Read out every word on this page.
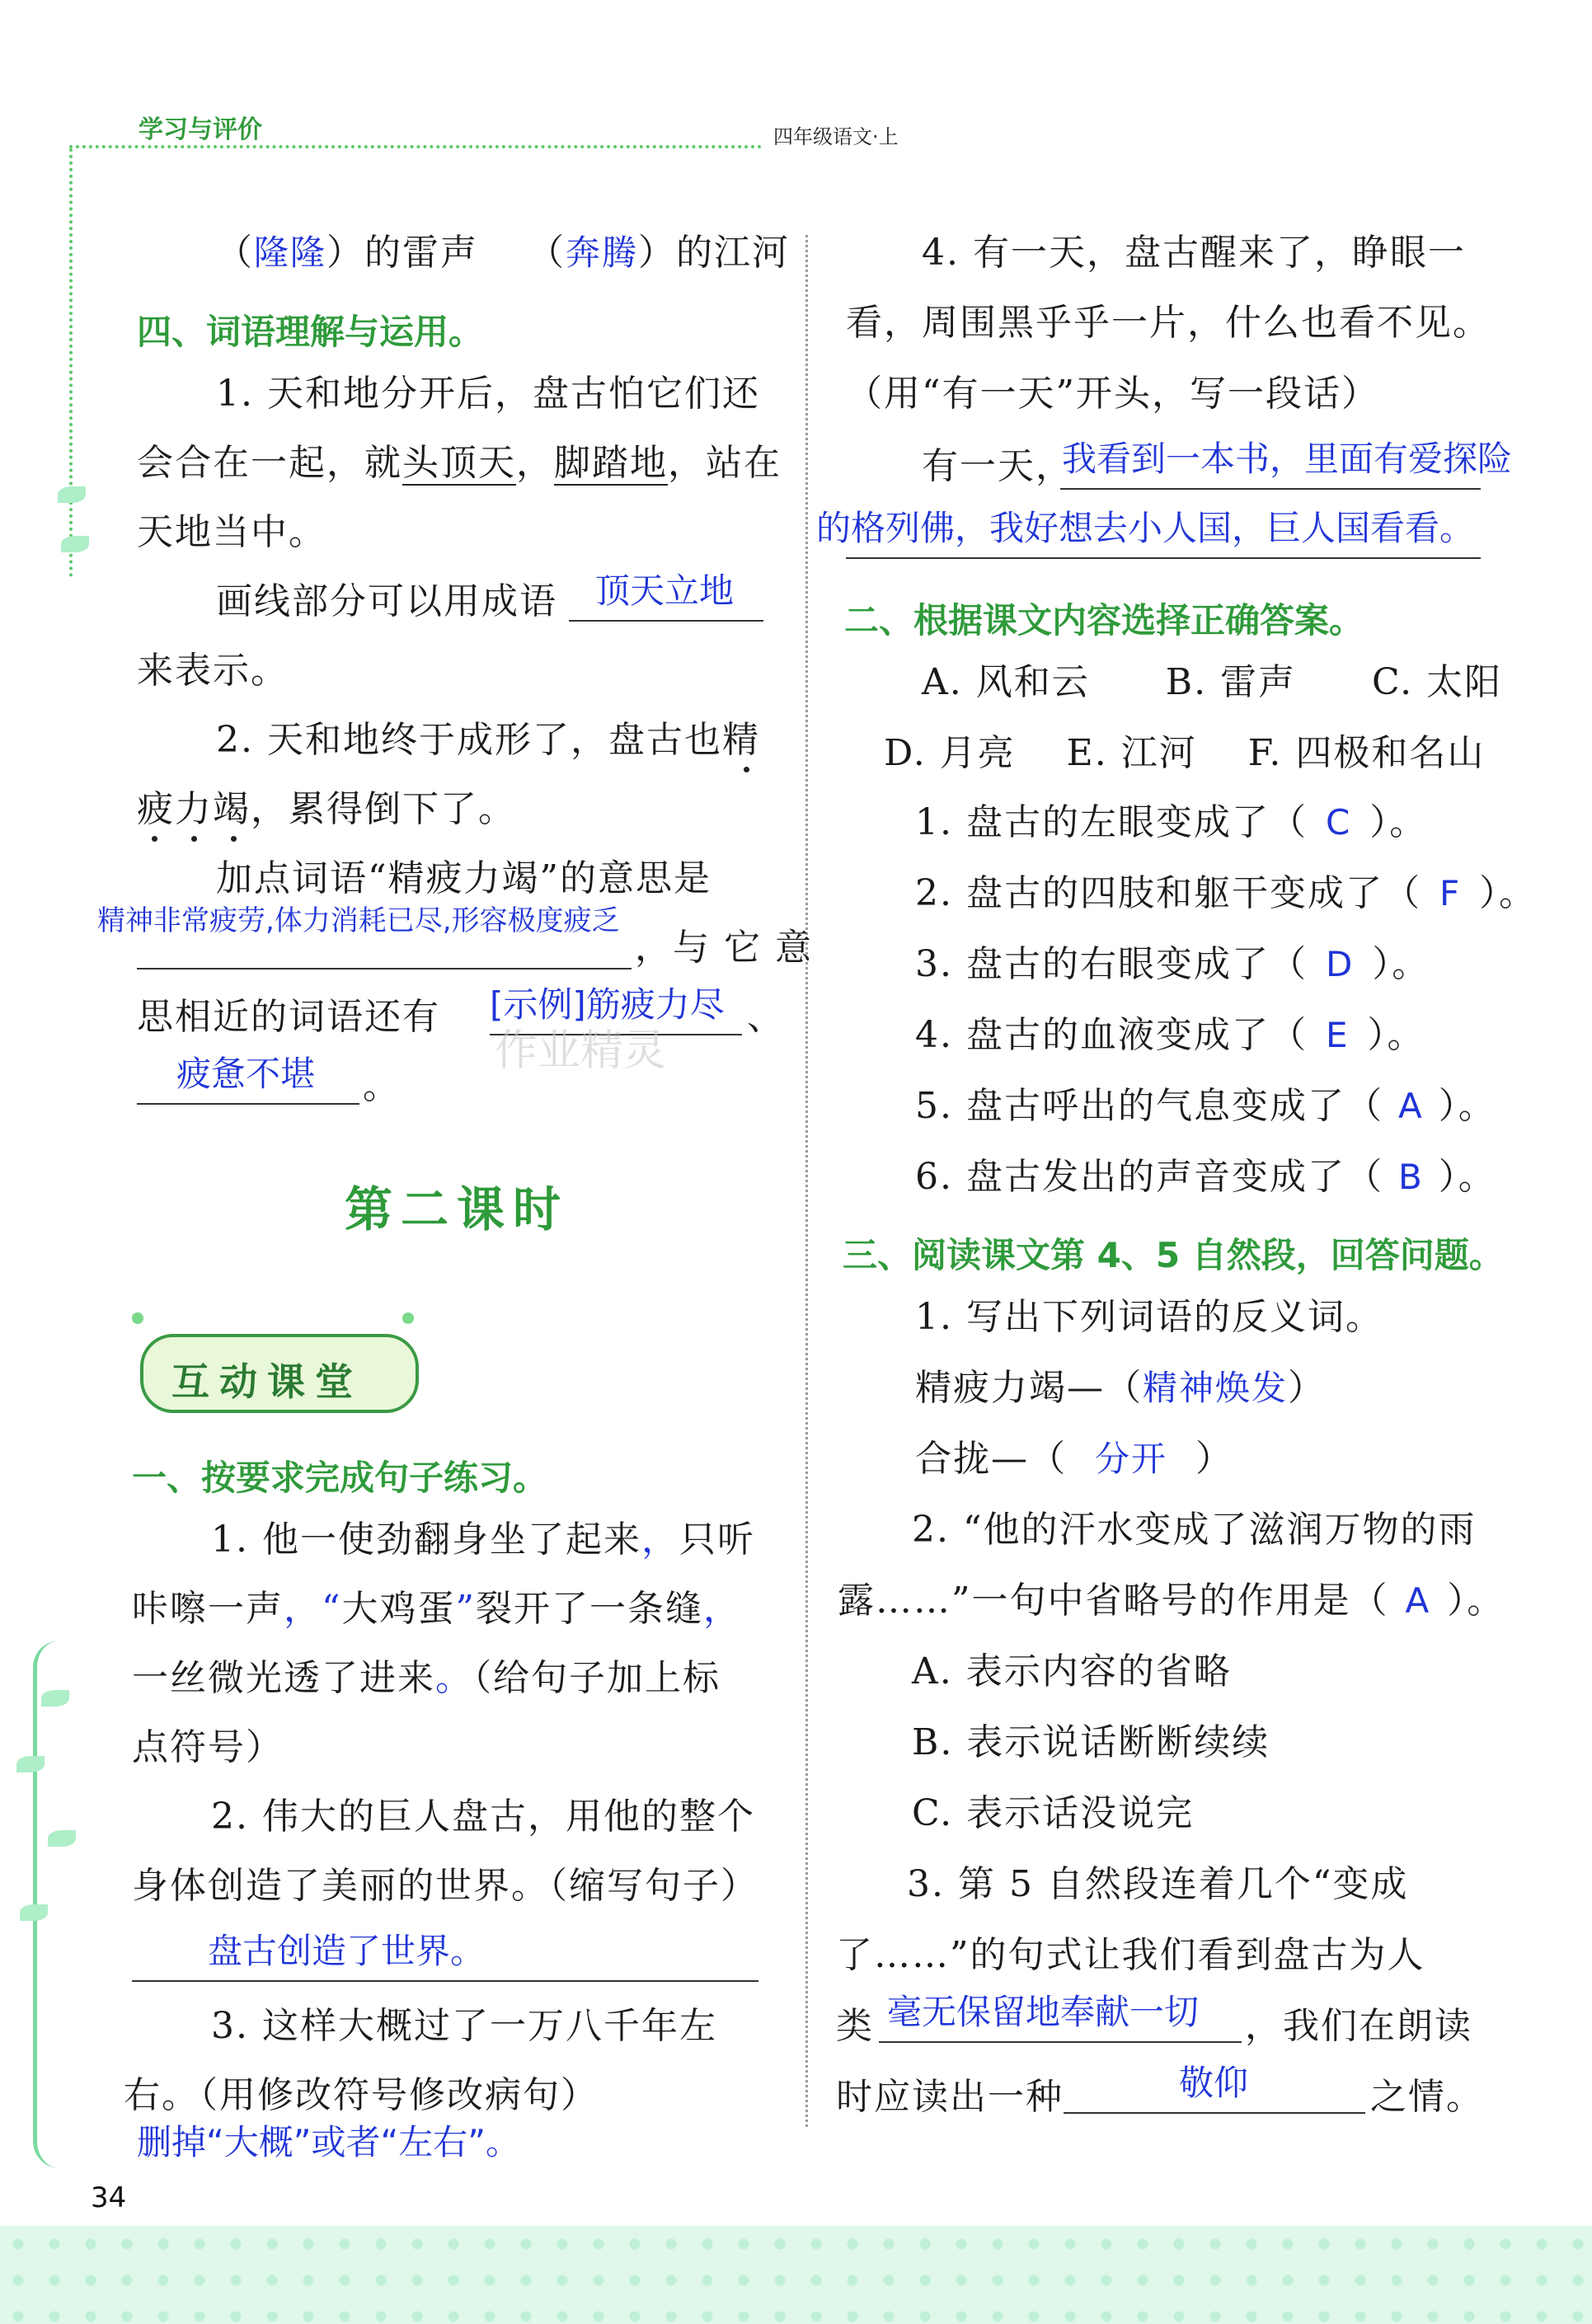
学习与评价	四年级语文·上
（隆隆）的雷声 （奔腾）的江河
四、词语理解与运用。
1. 天和地分开后，盘古怕它们还
会合在一起，就头顶天，脚踏地，站在
天地当中。
画线部分可以用成语 顶天立地
来表示。
2. 天和地终于成形了，盘古也精
疲力竭，累得倒下了。
加点词语“精疲力竭”的意思是
精神非常疲劳,体力消耗已尽,形容极度疲乏
，与 它 意
思相近的词语还有 [示例]筋疲力尽 、
疲惫不堪 。
作业精灵
第二课时
互动课堂
一、按要求完成句子练习。
1. 他一使劲翻身坐了起来，只听
咔嚓一声，“大鸡蛋”裂开了一条缝，
一丝微光透了进来。（给句子加上标
点符号）
2. 伟大的巨人盘古，用他的整个
身体创造了美丽的世界。（缩写句子）
盘古创造了世界。
3. 这样大概过了一万八千年左
右。（用修改符号修改病句）
删掉“大概”或者“左右”。
4. 有一天，盘古醒来了，睁眼一
看，周围黑乎乎一片，什么也看不见。
（用“有一天”开头，写一段话）
有一天，
我看到一本书，里面有爱探险
的格列佛，我好想去小人国，巨人国看看。
二、根据课文内容选择正确答案。
A. 风和云　　B. 雷声　　C. 太阳
D. 月亮　 E. 江河　 F. 四极和名山
1. 盘古的左眼变成了（ C ）。
2. 盘古的四肢和躯干变成了（ F ）。
3. 盘古的右眼变成了（ D ）。
4. 盘古的血液变成了（ E ）。
5. 盘古呼出的气息变成了（ A ）。
6. 盘古发出的声音变成了（ B ）。
三、阅读课文第 4、5 自然段，回答问题。
1. 写出下列词语的反义词。
精疲力竭—（精神焕发）
合拢—（ 分开 ）
2. “他的汗水变成了滋润万物的雨
露……”一句中省略号的作用是（ A ）。
A. 表示内容的省略
B. 表示说话断断续续
C. 表示话没说完
3. 第 5 自然段连着几个“变成
了……”的句式让我们看到盘古为人
类 毫无保留地奉献一切 ，我们在朗读
时应读出一种	敬仰	之情。
34
